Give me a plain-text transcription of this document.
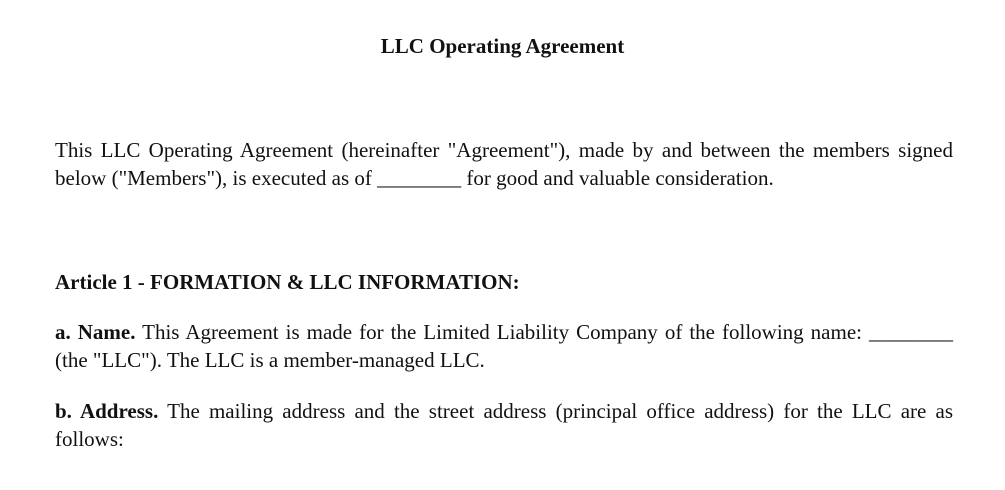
LLC Operating Agreement

This LLC Operating Agreement (hereinafter "Agreement"), made by and between the members signed below ("Members"), is executed as of ________ for good and valuable consideration.

Article 1 - FORMATION & LLC INFORMATION:

a. Name. This Agreement is made for the Limited Liability Company of the following name: ________ (the "LLC"). The LLC is a member-managed LLC.

b. Address. The mailing address and the street address (principal office address) for the LLC are as follows:
